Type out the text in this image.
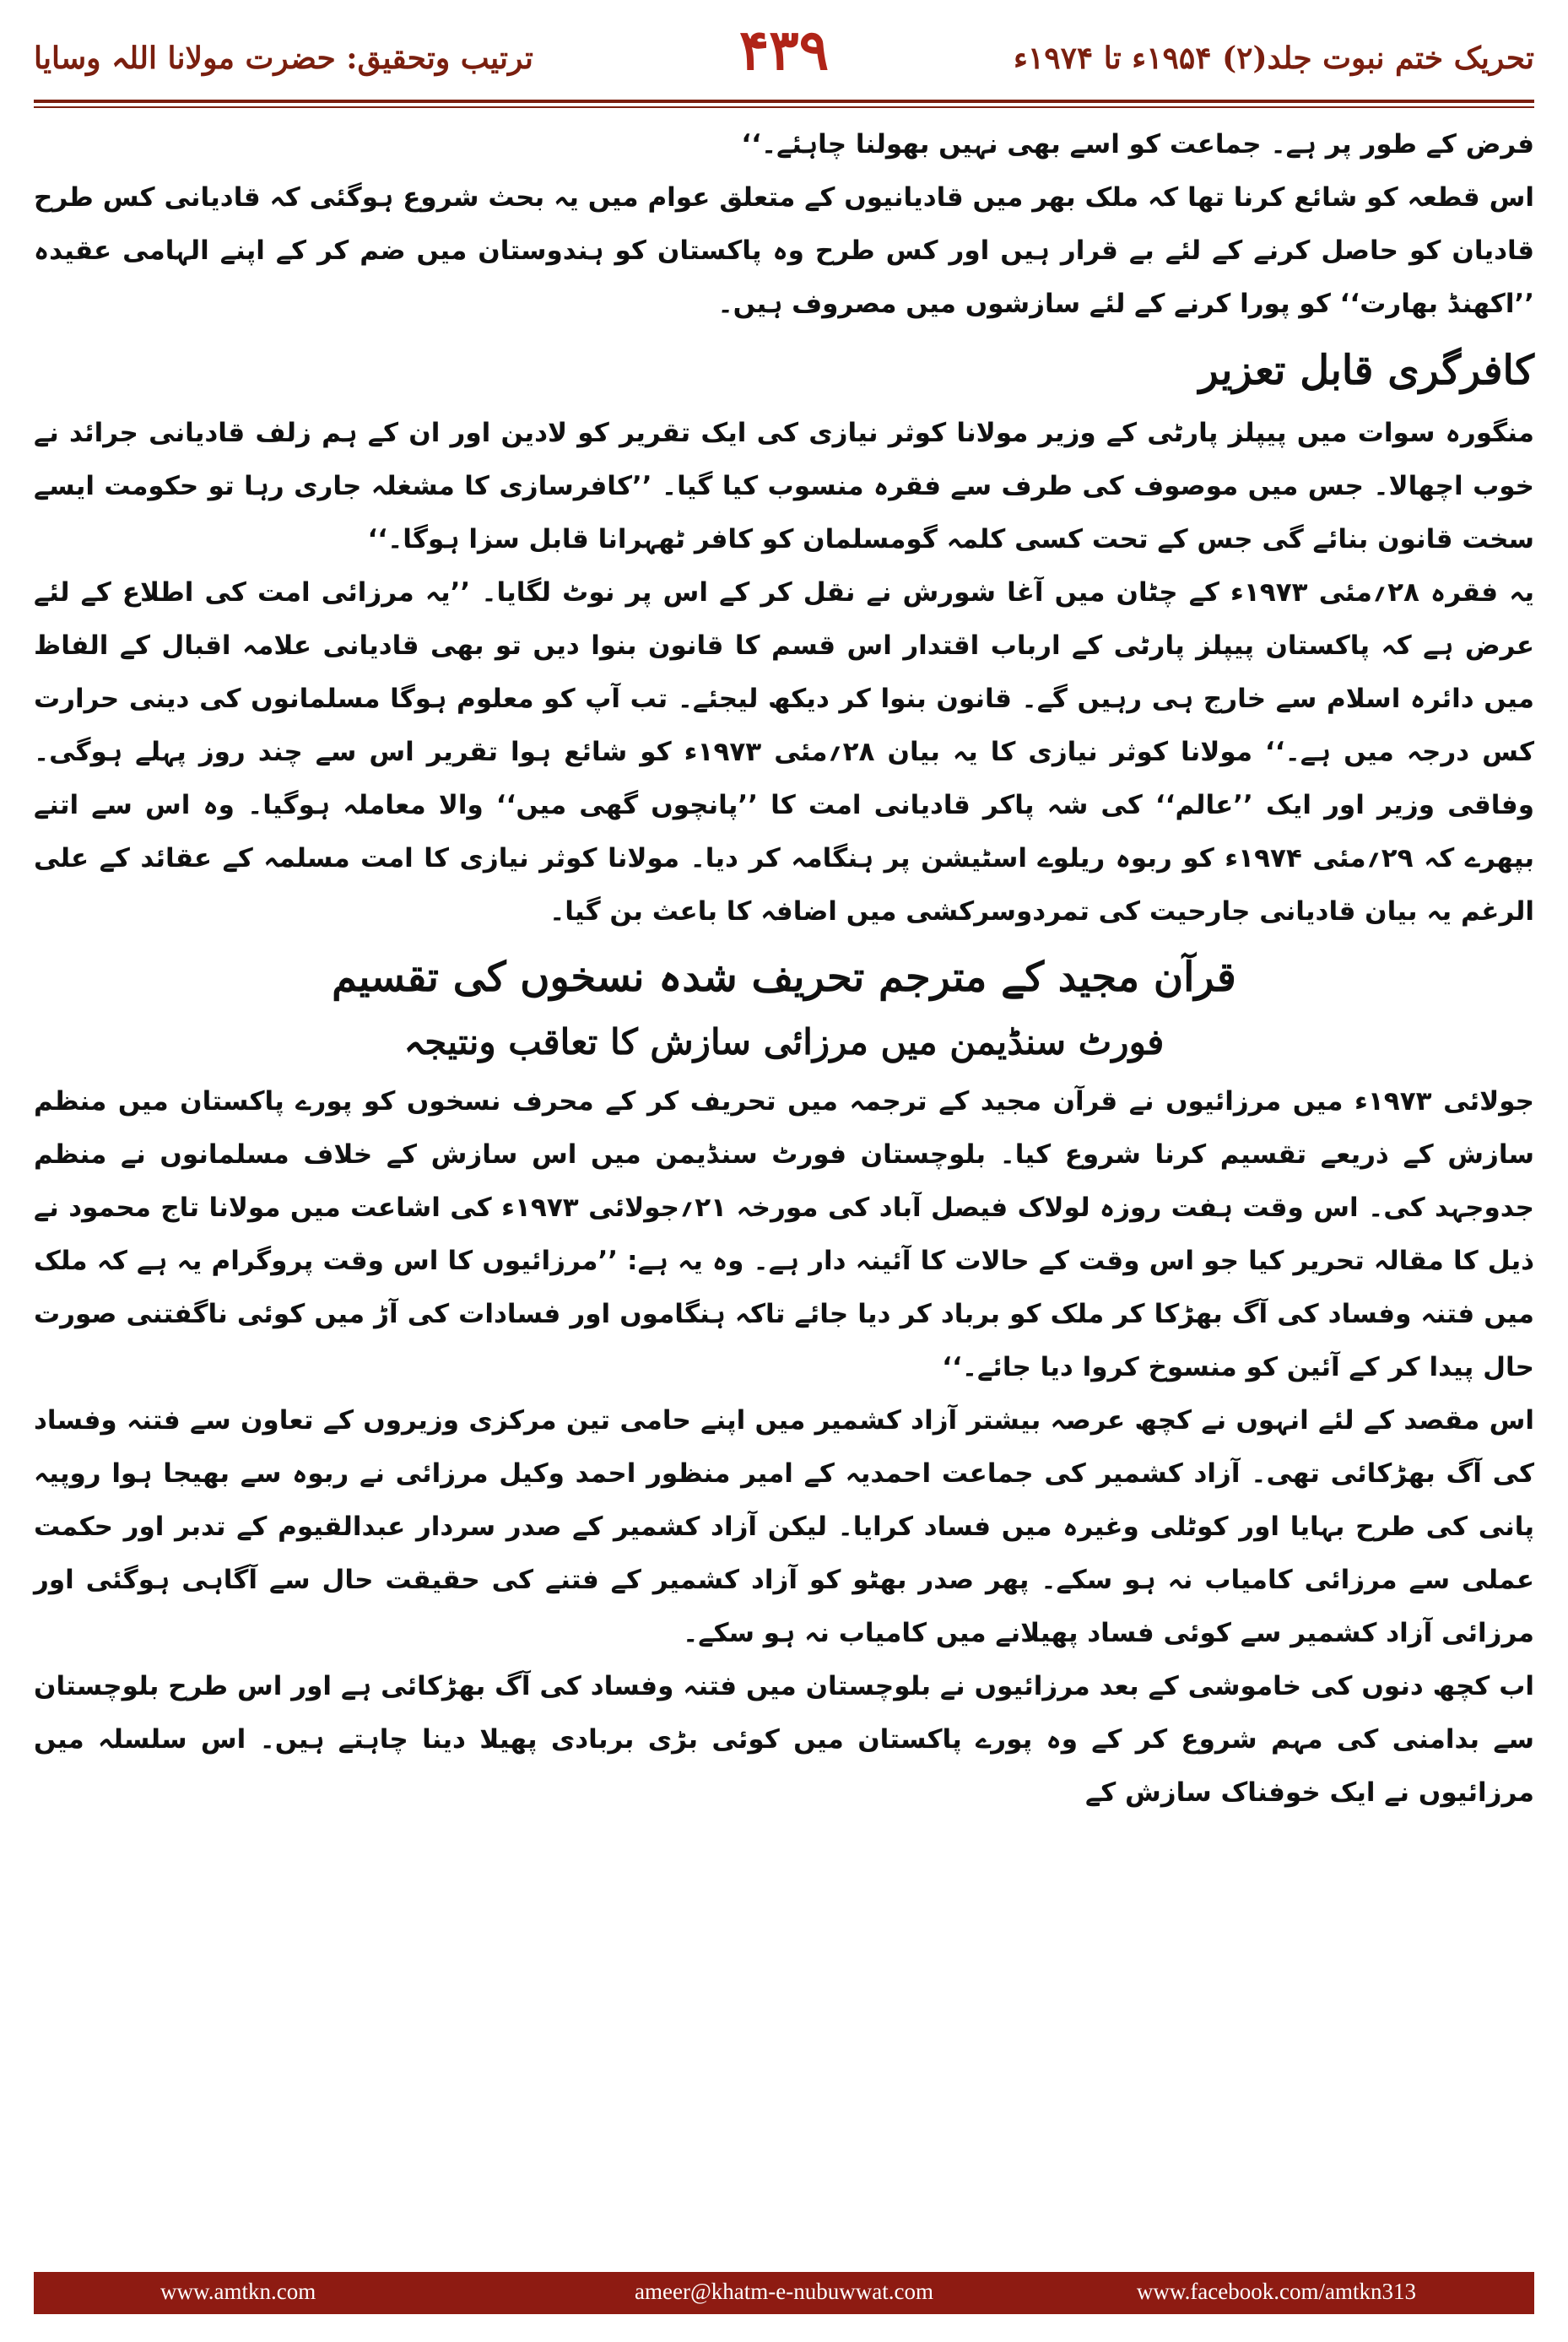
ترتیب وتحقیق: حضرت مولانا اللہ وسایا	۴۳۹	تحریک ختم نبوت جلد(۲) ۱۹۵۴ء تا ۱۹۷۴ء

فرض کے طور پر ہے۔ جماعت کو اسے بھی نہیں بھولنا چاہئے۔‘‘

اس قطعہ کو شائع کرنا تھا کہ ملک بھر میں قادیانیوں کے متعلق عوام میں یہ بحث شروع ہوگئی کہ قادیانی کس طرح قادیان کو حاصل کرنے کے لئے بے قرار ہیں اور کس طرح وہ پاکستان کو ہندوستان میں ضم کر کے اپنے الہامی عقیدہ ’’اکھنڈ بھارت‘‘ کو پورا کرنے کے لئے سازشوں میں مصروف ہیں۔

کافرگری قابل تعزیر

منگورہ سوات میں پیپلز پارٹی کے وزیر مولانا کوثر نیازی کی ایک تقریر کو لادین اور ان کے ہم زلف قادیانی جرائد نے خوب اچھالا۔ جس میں موصوف کی طرف سے فقرہ منسوب کیا گیا۔ ’’کافرسازی کا مشغلہ جاری رہا تو حکومت ایسے سخت قانون بنائے گی جس کے تحت کسی کلمہ گومسلمان کو کافر ٹھہرانا قابل سزا ہوگا۔‘‘

یہ فقرہ ۲۸؍مئی ۱۹۷۳ء کے چٹان میں آغا شورش نے نقل کر کے اس پر نوٹ لگایا۔ ’’یہ مرزائی امت کی اطلاع کے لئے عرض ہے کہ پاکستان پیپلز پارٹی کے ارباب اقتدار اس قسم کا قانون بنوا دیں تو بھی قادیانی علامہ اقبال کے الفاظ میں دائرہ اسلام سے خارج ہی رہیں گے۔ قانون بنوا کر دیکھ لیجئے۔ تب آپ کو معلوم ہوگا مسلمانوں کی دینی حرارت کس درجہ میں ہے۔‘‘ مولانا کوثر نیازی کا یہ بیان ۲۸؍مئی ۱۹۷۳ء کو شائع ہوا تقریر اس سے چند روز پہلے ہوگی۔ وفاقی وزیر اور ایک ’’عالم‘‘ کی شہ پاکر قادیانی امت کا ’’پانچوں گھی میں‘‘ والا معاملہ ہوگیا۔ وہ اس سے اتنے بپھرے کہ ۲۹؍مئی ۱۹۷۴ء کو ربوہ ریلوے اسٹیشن پر ہنگامہ کر دیا۔ مولانا کوثر نیازی کا امت مسلمہ کے عقائد کے علی الرغم یہ بیان قادیانی جارحیت کی تمردوسرکشی میں اضافہ کا باعث بن گیا۔

قرآن مجید کے مترجم تحریف شدہ نسخوں کی تقسیم
فورٹ سنڈیمن میں مرزائی سازش کا تعاقب ونتیجہ

جولائی ۱۹۷۳ء میں مرزائیوں نے قرآن مجید کے ترجمہ میں تحریف کر کے محرف نسخوں کو پورے پاکستان میں منظم سازش کے ذریعے تقسیم کرنا شروع کیا۔ بلوچستان فورٹ سنڈیمن میں اس سازش کے خلاف مسلمانوں نے منظم جدوجہد کی۔ اس وقت ہفت روزہ لولاک فیصل آباد کی مورخہ ۲۱؍جولائی ۱۹۷۳ء کی اشاعت میں مولانا تاج محمود نے ذیل کا مقالہ تحریر کیا جو اس وقت کے حالات کا آئینہ دار ہے۔ وہ یہ ہے: ’’مرزائیوں کا اس وقت پروگرام یہ ہے کہ ملک میں فتنہ وفساد کی آگ بھڑکا کر ملک کو برباد کر دیا جائے تاکہ ہنگاموں اور فسادات کی آڑ میں کوئی ناگفتنی صورت حال پیدا کر کے آئین کو منسوخ کروا دیا جائے۔‘‘

اس مقصد کے لئے انہوں نے کچھ عرصہ بیشتر آزاد کشمیر میں اپنے حامی تین مرکزی وزیروں کے تعاون سے فتنہ وفساد کی آگ بھڑکائی تھی۔ آزاد کشمیر کی جماعت احمدیہ کے امیر منظور احمد وکیل مرزائی نے ربوہ سے بھیجا ہوا روپیہ پانی کی طرح بہایا اور کوٹلی وغیرہ میں فساد کرایا۔ لیکن آزاد کشمیر کے صدر سردار عبدالقیوم کے تدبر اور حکمت عملی سے مرزائی کامیاب نہ ہو سکے۔ پھر صدر بھٹو کو آزاد کشمیر کے فتنے کی حقیقت حال سے آگاہی ہوگئی اور مرزائی آزاد کشمیر سے کوئی فساد پھیلانے میں کامیاب نہ ہو سکے۔

اب کچھ دنوں کی خاموشی کے بعد مرزائیوں نے بلوچستان میں فتنہ وفساد کی آگ بھڑکائی ہے اور اس طرح بلوچستان سے بدامنی کی مہم شروع کر کے وہ پورے پاکستان میں کوئی بڑی بربادی پھیلا دینا چاہتے ہیں۔ اس سلسلہ میں مرزائیوں نے ایک خوفناک سازش کے

www.amtkn.com	ameer@khatm-e-nubuwwat.com	www.facebook.com/amtkn313
